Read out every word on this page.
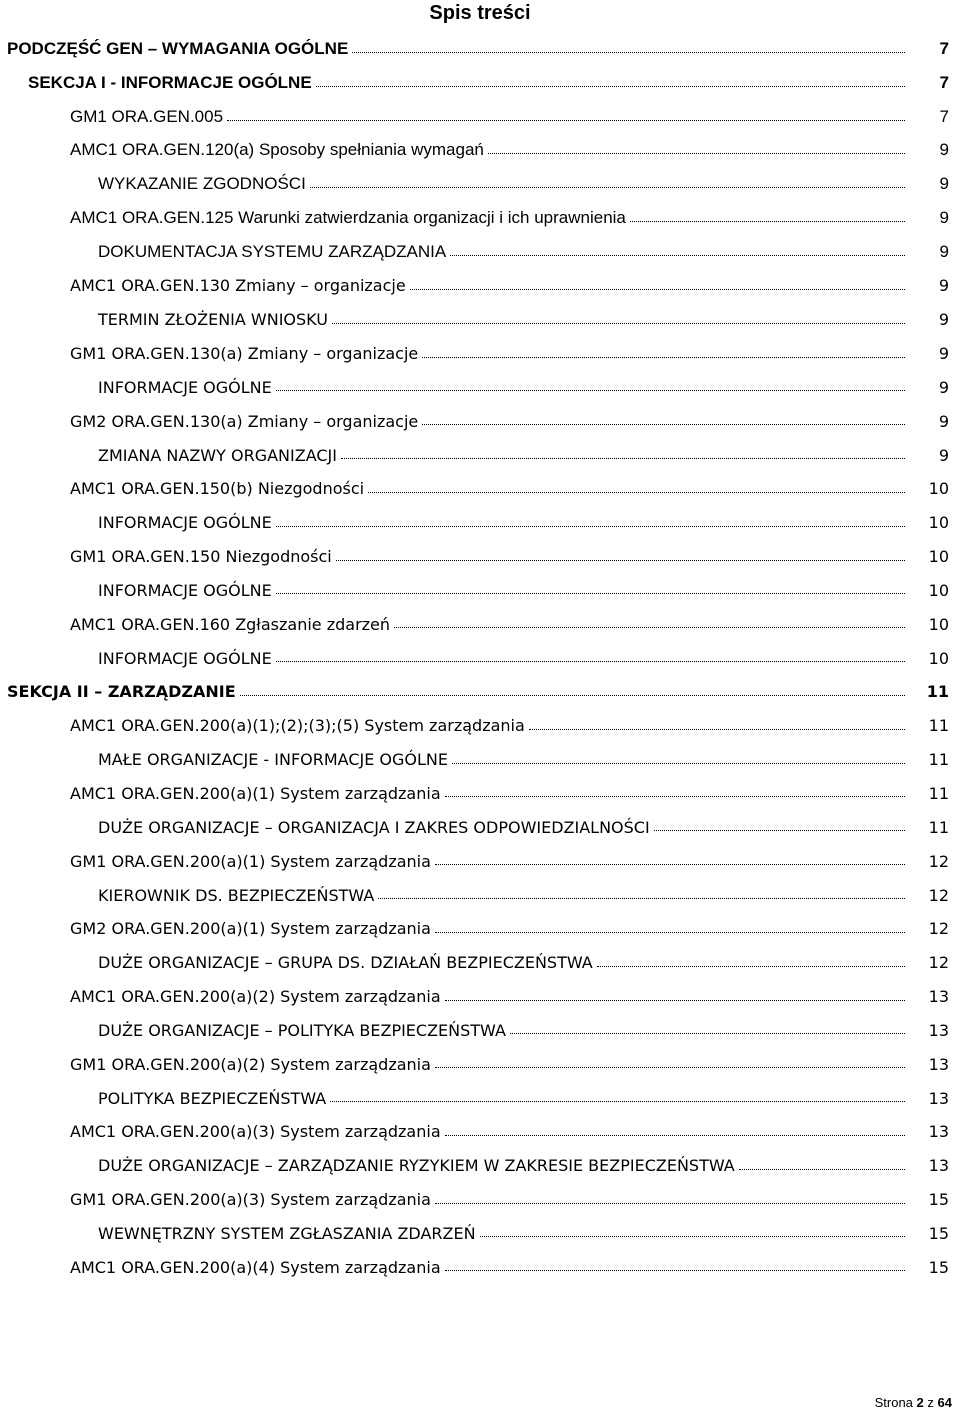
Spis treści
PODCZĘŚĆ GEN – WYMAGANIA OGÓLNE	7
SEKCJA I - INFORMACJE OGÓLNE	7
GM1 ORA.GEN.005	7
AMC1 ORA.GEN.120(a) Sposoby spełniania wymagań	9
WYKAZANIE ZGODNOŚCI	9
AMC1 ORA.GEN.125 Warunki zatwierdzania organizacji i ich uprawnienia	9
DOKUMENTACJA SYSTEMU ZARZĄDZANIA	9
AMC1 ORA.GEN.130 Zmiany – organizacje	9
TERMIN ZŁOŻENIA WNIOSKU	9
GM1 ORA.GEN.130(a) Zmiany – organizacje	9
INFORMACJE OGÓLNE	9
GM2 ORA.GEN.130(a) Zmiany – organizacje	9
ZMIANA NAZWY ORGANIZACJI	9
AMC1 ORA.GEN.150(b) Niezgodności	10
INFORMACJE OGÓLNE	10
GM1 ORA.GEN.150 Niezgodności	10
INFORMACJE OGÓLNE	10
AMC1 ORA.GEN.160 Zgłaszanie zdarzeń	10
INFORMACJE OGÓLNE	10
SEKCJA II – ZARZĄDZANIE	11
AMC1 ORA.GEN.200(a)(1);(2);(3);(5) System zarządzania	11
MAŁE ORGANIZACJE - INFORMACJE OGÓLNE	11
AMC1 ORA.GEN.200(a)(1) System zarządzania	11
DUŻE ORGANIZACJE – ORGANIZACJA I ZAKRES ODPOWIEDZIALNOŚCI	11
GM1 ORA.GEN.200(a)(1) System zarządzania	12
KIEROWNIK DS. BEZPIECZEŃSTWA	12
GM2 ORA.GEN.200(a)(1) System zarządzania	12
DUŻE ORGANIZACJE – GRUPA DS. DZIAŁAŃ BEZPIECZEŃSTWA	12
AMC1 ORA.GEN.200(a)(2) System zarządzania	13
DUŻE ORGANIZACJE – POLITYKA BEZPIECZEŃSTWA	13
GM1 ORA.GEN.200(a)(2) System zarządzania	13
POLITYKA BEZPIECZEŃSTWA	13
AMC1 ORA.GEN.200(a)(3) System zarządzania	13
DUŻE ORGANIZACJE – ZARZĄDZANIE RYZYKIEM W ZAKRESIE BEZPIECZEŃSTWA	13
GM1 ORA.GEN.200(a)(3) System zarządzania	15
WEWNĘTRZNY SYSTEM ZGŁASZANIA ZDARZEŃ	15
AMC1 ORA.GEN.200(a)(4) System zarządzania	15
Strona 2 z 64
